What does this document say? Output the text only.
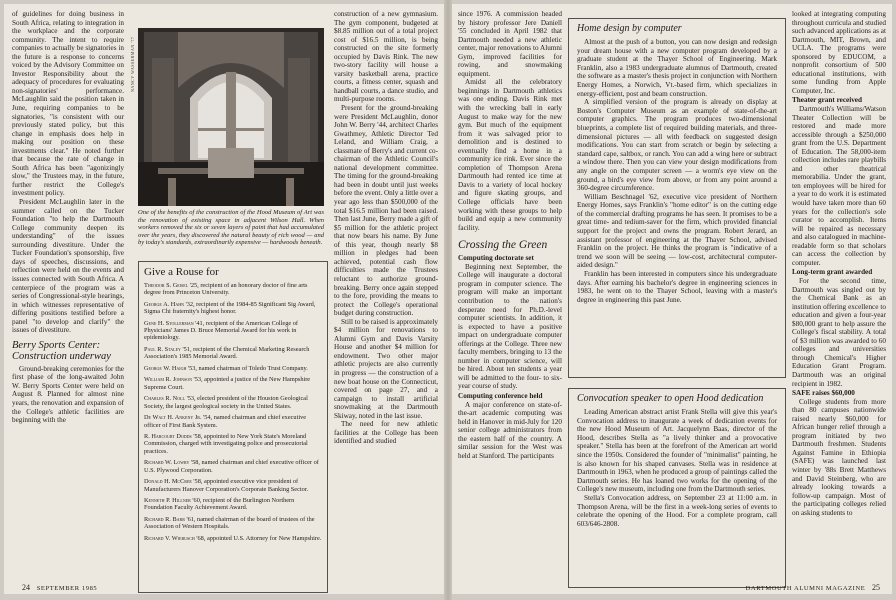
of guidelines for doing business in South Africa, relating to integration in the workplace and the corporate community. The intent to require companies to actually be signatories in the future is a response to concerns voiced by the Advisory Committee on Investor Responsibility about the adequacy of procedures for evaluating non-signatories' performance. McLaughlin said the position taken in June, requiring companies to be signatories, "is consistent with our previously stated policy, but this change in emphasis does help in making our position on these investments clear." He noted further that because the rate of change in South Africa has been "agonizingly slow," the Trustees may, in the future, further restrict the College's investment policy.

President McLaughlin later in the summer called on the Tucker Foundation "to help the Dartmouth College community deepen its understanding" of the issues surrounding divestiture. Under the Tucker Foundation's sponsorship, five days of speeches, discussions, and reflection were held on the events and issues connected with South Africa. A centerpiece of the program was a series of Congressional-style hearings, in which witnesses representative of differing positions testified before a panel "to develop and clarify" the issues of divestiture.

Berry Sports Center: Construction underway

Ground-breaking ceremonies for the first phase of the long-awaited John W. Berry Sports Center were held on August 8. Planned for almost nine years, the renovation and expansion of the College's athletic facilities are beginning with the

NANCY WASSERMAN '77
One of the benefits of the construction of the Hood Museum of Art was the renovation of existing space in adjacent Wilson Hall. When workers removed the six or seven layers of paint that had accumulated over the years, they discovered the natural beauty of rich wood — and by today's standards, extraordinarily expensive — hardwoods beneath.
Give a Rouse for

Theodor S. Geisel '25, recipient of an honorary doctor of fine arts degree from Princeton University.

George A. Hahn '32, recipient of the 1984-85 Significant Sig Award, Sigma Chi fraternity's highest honor.

Gene H. Stollerman '41, recipient of the American College of Physicians' James D. Bruce Memorial Award for his work in epidemiology.

Paul R. Staley '51, recipient of the Chemical Marketing Research Association's 1985 Memorial Award.

George W. Haigh '53, named chairman of Toledo Trust Company.

William R. Johnson '53, appointed a justice of the New Hampshire Supreme Court.

Charles R. Noll '53, elected president of the Houston Geological Society, the largest geological society in the United States.

De Walt H. Ankeny Jr. '54, named chairman and chief executive officer of First Bank System.

R. Harcourt Dodds '58, appointed to New York State's Moreland Commission, charged with investigating police and prosecutorial practices.

Richard W. Lowry '58, named chairman and chief executive officer of U.S. Plywood Corporation.

Donald H. McCree '58, appointed executive vice president of Manufacturers Hanover Corporation's Corporate Banking Sector.

Kenneth P. Hillner '60, recipient of the Burlington Northern Foundation Faculty Achievement Award.

Richard R. Barr '61, named chairman of the board of trustees of the Association of Western Hospitals.

Richard V. Wiebusch '68, appointed U.S. Attorney for New Hampshire.

construction of a new gymnasium. The gym component, budgeted at $8.85 million out of a total project cost of $16.5 million, is being constructed on the site formerly occupied by Davis Rink. The new two-story facility will house a varsity basketball arena, practice courts, a fitness center, squash and handball courts, a dance studio, and multi-purpose rooms.

Present for the ground-breaking were President McLaughlin, donor John W. Berry '44, architect Charles Gwathmey, Athletic Director Ted Leland, and William Craig, a classmate of Berry's and current co-chairman of the Athletic Council's national development committee. The timing for the ground-breaking had been in doubt until just weeks before the event. Only a little over a year ago less than $500,000 of the total $16.5 million had been raised. Then last June, Berry made a gift of $5 million for the athletic project that now bears his name. By June of this year, though nearly $8 million in pledges had been achieved, potential cash flow difficulties made the Trustees reluctant to authorize ground-breaking. Berry once again stepped to the fore, providing the means to protect the College's operational budget during construction.

Still to be raised is approximately $4 million for renovations to Alumni Gym and Davis Varsity House and another $4 million for endowment. Two other major athletic projects are also currently in progress — the construction of a new boat house on the Connecticut, covered on page 27, and a campaign to install artificial snowmaking at the Dartmouth Skiway, noted in the last issue.

The need for new athletic facilities at the College has been identified and studied

24 SEPTEMBER 1985

since 1976. A commission headed by history professor Jere Daniell '55 concluded in April 1982 that Dartmouth needed a new athletic center, major renovations to Alumni Gym, improved facilities for rowing, and snowmaking equipment.

Amidst all the celebratory beginnings in Dartmouth athletics was one ending. Davis Rink met with the wrecking ball in early August to make way for the new gym. But much of the equipment from it was salvaged prior to demolition and is destined to eventually find a home in a community ice rink. Ever since the completion of Thompson Arena Dartmouth had rented ice time at Davis to a variety of local hockey and figure skating groups, and College officials have been working with these groups to help build and equip a new community facility.

Crossing the Green

Computing doctorate set

Beginning next September, the College will inaugurate a doctoral program in computer science. The program will make an important contribution to the nation's desperate need for Ph.D.-level computer scientists. In addition, it is expected to have a positive impact on undergraduate computer offerings at the College. Three new faculty members, bringing to 13 the number in computer science, will be hired. About ten students a year will be admitted to the four- to six-year course of study.

Computing conference held

A major conference on state-of-the-art academic computing was held in Hanover in mid-July for 120 senior college administrators from the eastern half of the country. A similar session for the West was held at Stanford. The participants

Home design by computer

Almost at the push of a button, you can now design and redesign your dream house with a new computer program developed by a graduate student at the Thayer School of Engineering. Mark Franklin, also a 1983 undergraduate alumnus of Dartmouth, created the software as a master's thesis project in conjunction with Northern Energy Homes, a Norwich, Vt.-based firm, which specializes in energy-efficient, post and beam construction.

A simplified version of the program is already on display at Boston's Computer Museum as an example of state-of-the-art computer graphics. The program produces two-dimensional blueprints, a complete list of required building materials, and three-dimensional pictures — all with feedback on suggested design modifications. You can start from scratch or begin by selecting a standard cape, saltbox, or ranch. You can add a wing here or subtract a window there. Then you can view your design modifications from any angle on the computer screen — a worm's eye view on the ground, a bird's eye view from above, or from any point around a 360-degree circumference.

William Beschnagel '62, executive vice president of Northern Energy Homes, says Franklin's "home editor" is on the cutting edge of the commercial drafting programs he has seen. It promises to be a great time- and tedium-saver for the firm, which provided financial support for the project and owns the program. Robert Jerard, an assistant professor of engineering at the Thayer School, advised Franklin on the project. He thinks the program is "indicative of a trend we soon will be seeing — low-cost, architectural computer-aided design."

Franklin has been interested in computers since his undergraduate days. After earning his bachelor's degree in engineering sciences in 1983, he went on to the Thayer School, leaving with a master's degree in engineering this past June.

Convocation speaker to open Hood dedication

Leading American abstract artist Frank Stella will give this year's Convocation address to inaugurate a week of dedication events for the new Hood Museum of Art. Jacquelynn Baas, director of the Hood, describes Stella as "a lively thinker and a provocative speaker." Stella has been at the forefront of the American art world since the 1950s. Considered the founder of "minimalist" painting, he is also known for his shaped canvases. Stella was in residence at Dartmouth in 1963, when he produced a group of paintings called the Dartmouth series. He has loaned two works for the opening of the College's new museum, including one from the Dartmouth series.

Stella's Convocation address, on September 23 at 11:00 a.m. in Thompson Arena, will be the first in a week-long series of events to celebrate the opening of the Hood. For a complete program, call 603/646-2808.

looked at integrating computing throughout curricula and studied such advanced applications as at Dartmouth, MIT, Brown, and UCLA. The programs were sponsored by EDUCOM, a nonprofit consortium of 500 educational institutions, with some funding from Apple Computer, Inc.

Theater grant received

Dartmouth's Williams/Watson Theater Collection will be restored and made more accessible through a $250,000 grant from the U.S. Department of Education. The 58,000-item collection includes rare playbills and other theatrical memorabilia. Under the grant, ten employees will be hired for a year to do work it is estimated would have taken more than 60 years for the collection's sole curator to accomplish. Items will be repaired as necessary and also catalogued in machine-readable form so that scholars can access the collection by computer.

Long-term grant awarded

For the second time, Dartmouth was singled out by the Chemical Bank as an institution offering excellence to education and given a four-year $80,000 grant to help assure the College's fiscal stability. A total of $3 million was awarded to 60 colleges and universities through Chemical's Higher Education Grant Program. Dartmouth was an original recipient in 1982.

SAFE raises $60,000

College students from more than 80 campuses nationwide raised nearly $60,000 for African hunger relief through a program initiated by two Dartmouth freshmen. Students Against Famine in Ethiopia (SAFE) was launched last winter by '88s Brett Matthews and David Steinberg, who are already looking towards a follow-up campaign. Most of the participating colleges relied on asking students to

DARTMOUTH ALUMNI MAGAZINE 25
